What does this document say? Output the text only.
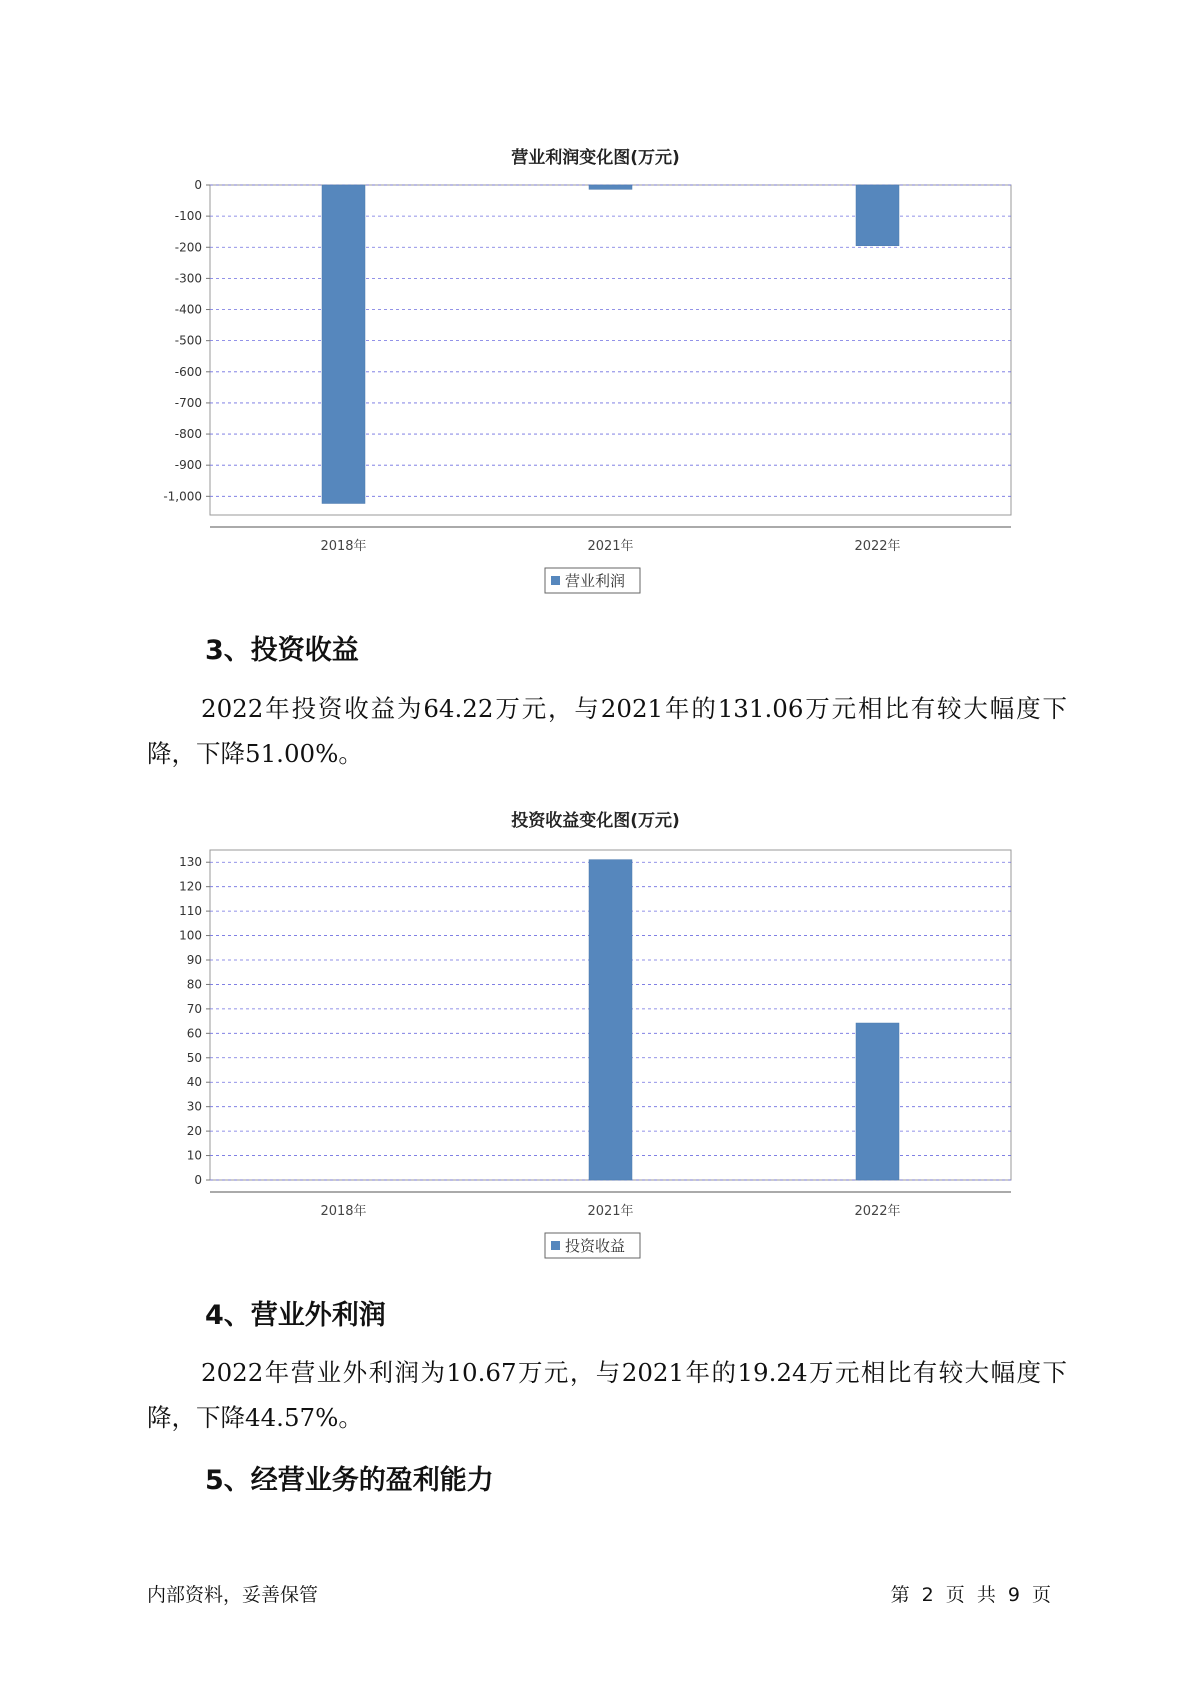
营业利润变化图(万元)
0
-100
-200
-300
-400
-500
-600
-700
-800
-900
-1,000
2018年	2021年	2022年
营业利润
3、投资收益

2022年投资收益为64.22万元，与2021年的131.06万元相比有较大幅度下降，下降51.00%。

投资收益变化图(万元)
0
10
20
30
40
50
60
70
80
90
100
110
120
130
2018年	2021年	2022年
投资收益
4、营业外利润

2022年营业外利润为10.67万元，与2021年的19.24万元相比有较大幅度下降，下降44.57%。

5、经营业务的盈利能力
内部资料，妥善保管	第 2 页 共 9 页
